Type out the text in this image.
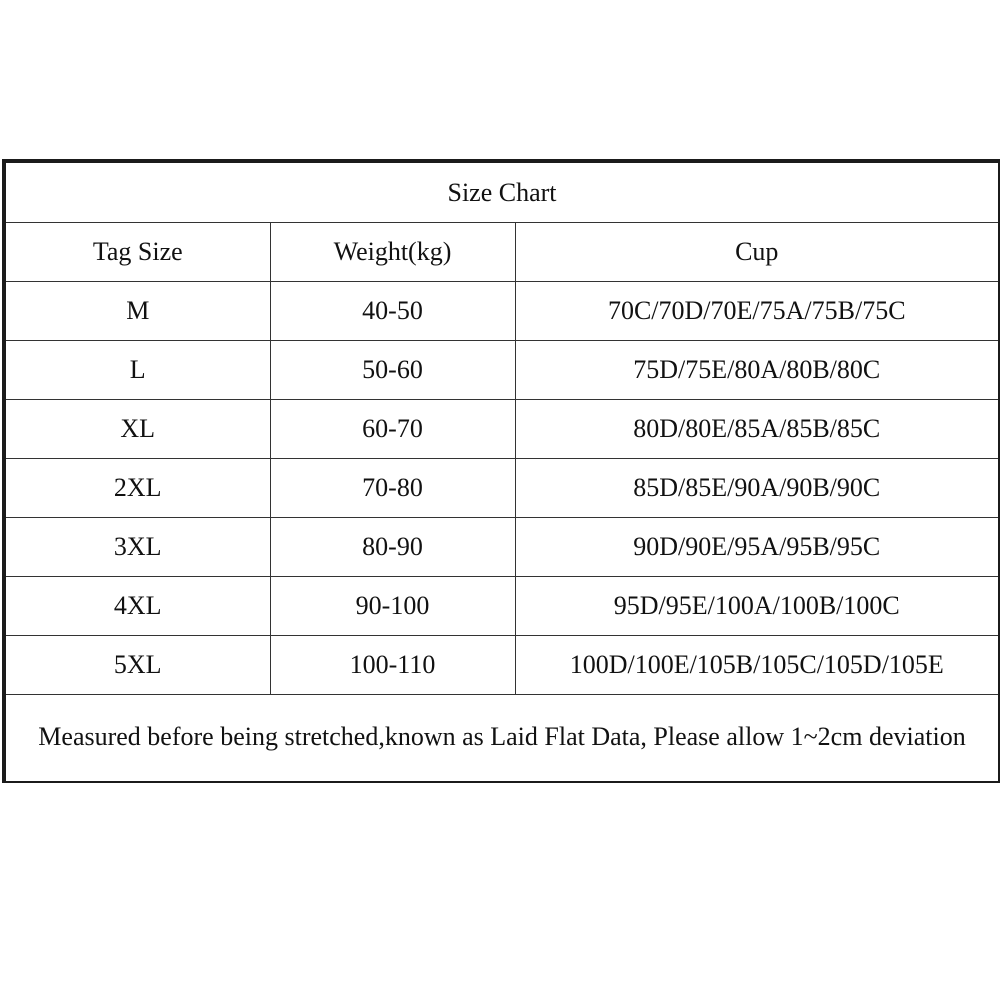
Size Chart		
Tag Size	Weight(kg)	Cup
M	40-50	70C/70D/70E/75A/75B/75C
L	50-60	75D/75E/80A/80B/80C
XL	60-70	80D/80E/85A/85B/85C
2XL	70-80	85D/85E/90A/90B/90C
3XL	80-90	90D/90E/95A/95B/95C
4XL	90-100	95D/95E/100A/100B/100C
5XL	100-110	100D/100E/105B/105C/105D/105E
Measured before being stretched,known as Laid Flat Data, Please allow 1~2cm deviation		
